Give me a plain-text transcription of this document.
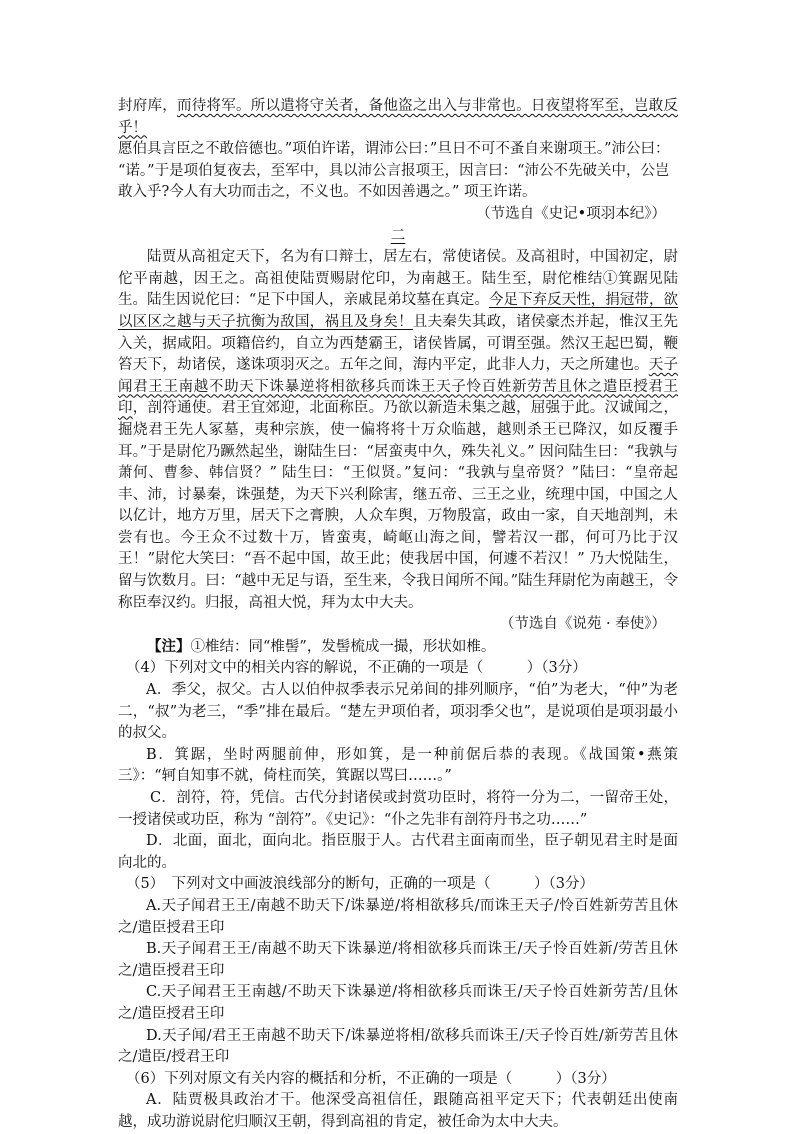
封府库，而待将军。所以遣将守关者，备他盗之出入与非常也。日夜望将军至，岂敢反乎！

愿伯具言臣之不敢倍德也。”项伯许诺，谓沛公曰：”旦日不可不蚤自来谢项王。”沛公曰：

“诺。”于是项伯复夜去，至军中，具以沛公言报项王，因言曰：“沛公不先破关中，公岂

敢入乎?今人有大功而击之，不义也。不如因善遇之。” 项王许诺。

（节选自《史记•项羽本纪》）

二

陆贾从高祖定天下，名为有口辩士，居左右，常使诸侯。及高祖时，中国初定，尉佗平南越，因王之。高祖使陆贾赐尉佗印，为南越王。陆生至，尉佗椎结①箕踞见陆生。陆生因说佗曰：“足下中国人，亲戚昆弟坟墓在真定。今足下弃反天性，捐冠带，欲以区区之越与天子抗衡为敌国，祸且及身矣！且夫秦失其政，诸侯豪杰并起，惟汉王先入关，据咸阳。项籍倍约，自立为西楚霸王，诸侯皆属，可谓至强。然汉王起巴蜀，鞭笞天下，劫诸侯，遂诛项羽灭之。五年之间，海内平定，此非人力，天之所建也。天子闻君王王南越不助天下诛暴逆将相欲移兵而诛王天子怜百姓新劳苦且休之遣臣授君王印，剖符通使。君王宜郊迎，北面称臣。乃欲以新造未集之越，屈强于此。汉诚闻之，掘烧君王先人冢墓，夷种宗族，使一偏将将十万众临越，越则杀王已降汉，如反覆手耳。”于是尉佗乃蹶然起坐，谢陆生曰：“居蛮夷中久，殊失礼义。” 因问陆生曰：“我孰与萧何、曹参、韩信贤？” 陆生曰：“王似贤。”复问：“我孰与皇帝贤？”陆曰：“皇帝起丰、沛，讨暴秦，诛强楚，为天下兴利除害，继五帝、三王之业，统理中国，中国之人以亿计，地方万里，居天下之膏腴，人众车舆，万物殷富，政由一家，自天地剖判，未尝有也。今王众不过数十万，皆蛮夷，崎岖山海之间，譬若汉一郡，何可乃比于汉王！”尉佗大笑曰：“吾不起中国，故王此；使我居中国，何遽不若汉！” 乃大悦陆生，留与饮数月。曰：“越中无足与语，至生来，令我日闻所不闻。”陆生拜尉佗为南越王，令称臣奉汉约。归报，高祖大悦，拜为太中大夫。

（节选自《说苑 · 奉使》）

【注】①椎结：同“椎髻”，发髻梳成一撮，形状如椎。

（4）下列对文中的相关内容的解说，不正确的一项是（　　　）（3分）

A．季父，叔父。古人以伯仲叔季表示兄弟间的排列顺序，“伯”为老大，“仲”为老二，“叔”为老三，“季”排在最后。“楚左尹项伯者，项羽季父也”，是说项伯是项羽最小的叔父。

B．箕踞，坐时两腿前伸，形如箕，是一种前倨后恭的表现。《战国策•燕策三》：“轲自知事不就，倚柱而笑，箕踞以骂曰……。”

C．剖符，符，凭信。古代分封诸侯或封赏功臣时，将符一分为二，一留帝王处，一授诸侯或功臣，称为 “剖符”。《史记》：“仆之先非有剖符丹书之功……”

D．北面，面北，面向北。指臣服于人。古代君主面南而坐，臣子朝见君主时是面向北的。

（5）　下列对文中画波浪线部分的断句，正确的一项是（　　　）（3分）

A.天子闻君王王/南越不助天下/诛暴逆/将相欲移兵/而诛王天子/怜百姓新劳苦且休之/遣臣授君王印

B.天子闻君王王/南越不助天下诛暴逆/将相欲移兵而诛王/天子怜百姓新/劳苦且休之/遣臣授君王印

C.天子闻君王王南越/不助天下诛暴逆/将相欲移兵而诛王/天子怜百姓新劳苦/且休之/遣臣授君王印

D.天子闻/君王王南越不助天下/诛暴逆将相/欲移兵而诛王/天子怜百姓/新劳苦且休之/遣臣/授君王印

（6）下列对原文有关内容的概括和分析，不正确的一项是（　　　）（3分）

A．陆贾极具政治才干。他深受高祖信任，跟随高祖平定天下；代表朝廷出使南越，成功游说尉佗归顺汉王朝，得到高祖的肯定，被任命为太中大夫。
